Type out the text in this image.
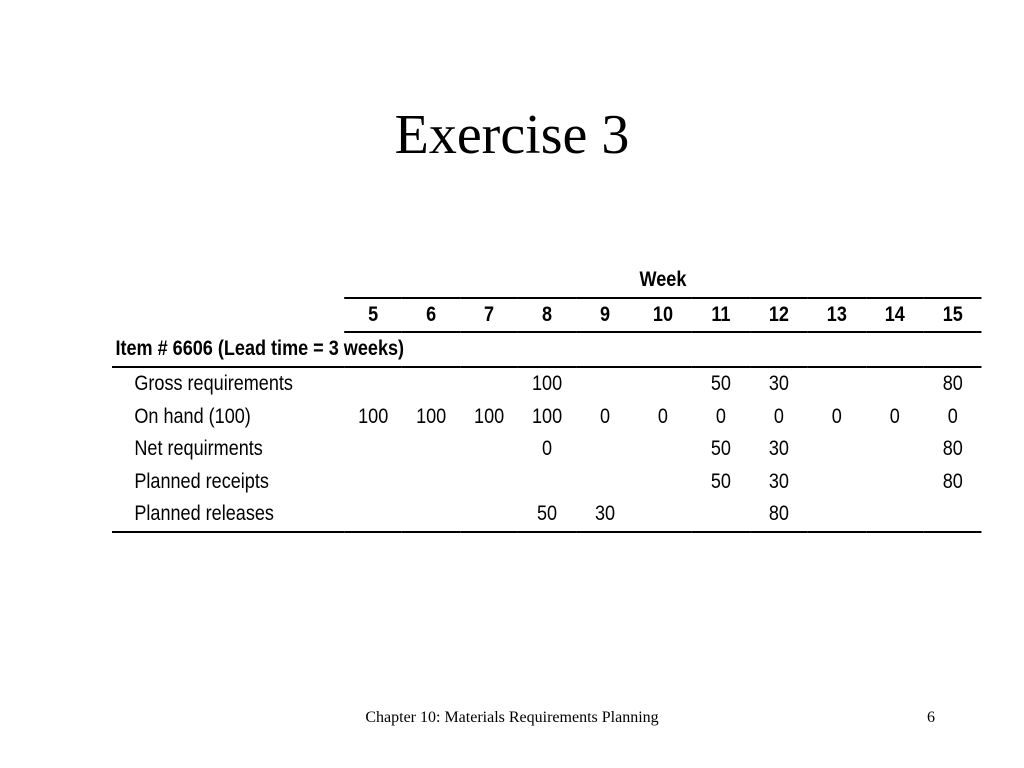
Exercise 3
	Week										
	5	6	7	8	9	10	11	12	13	14	15
Item # 6606 (Lead time = 3 weeks)											
Gross requirements				100			50	30			80
On hand (100)	100	100	100	100	0	0	0	0	0	0	0
Net requirments				0			50	30			80
Planned receipts							50	30			80
Planned releases				50	30			80			
Chapter 10: Materials Requirements Planning	6
